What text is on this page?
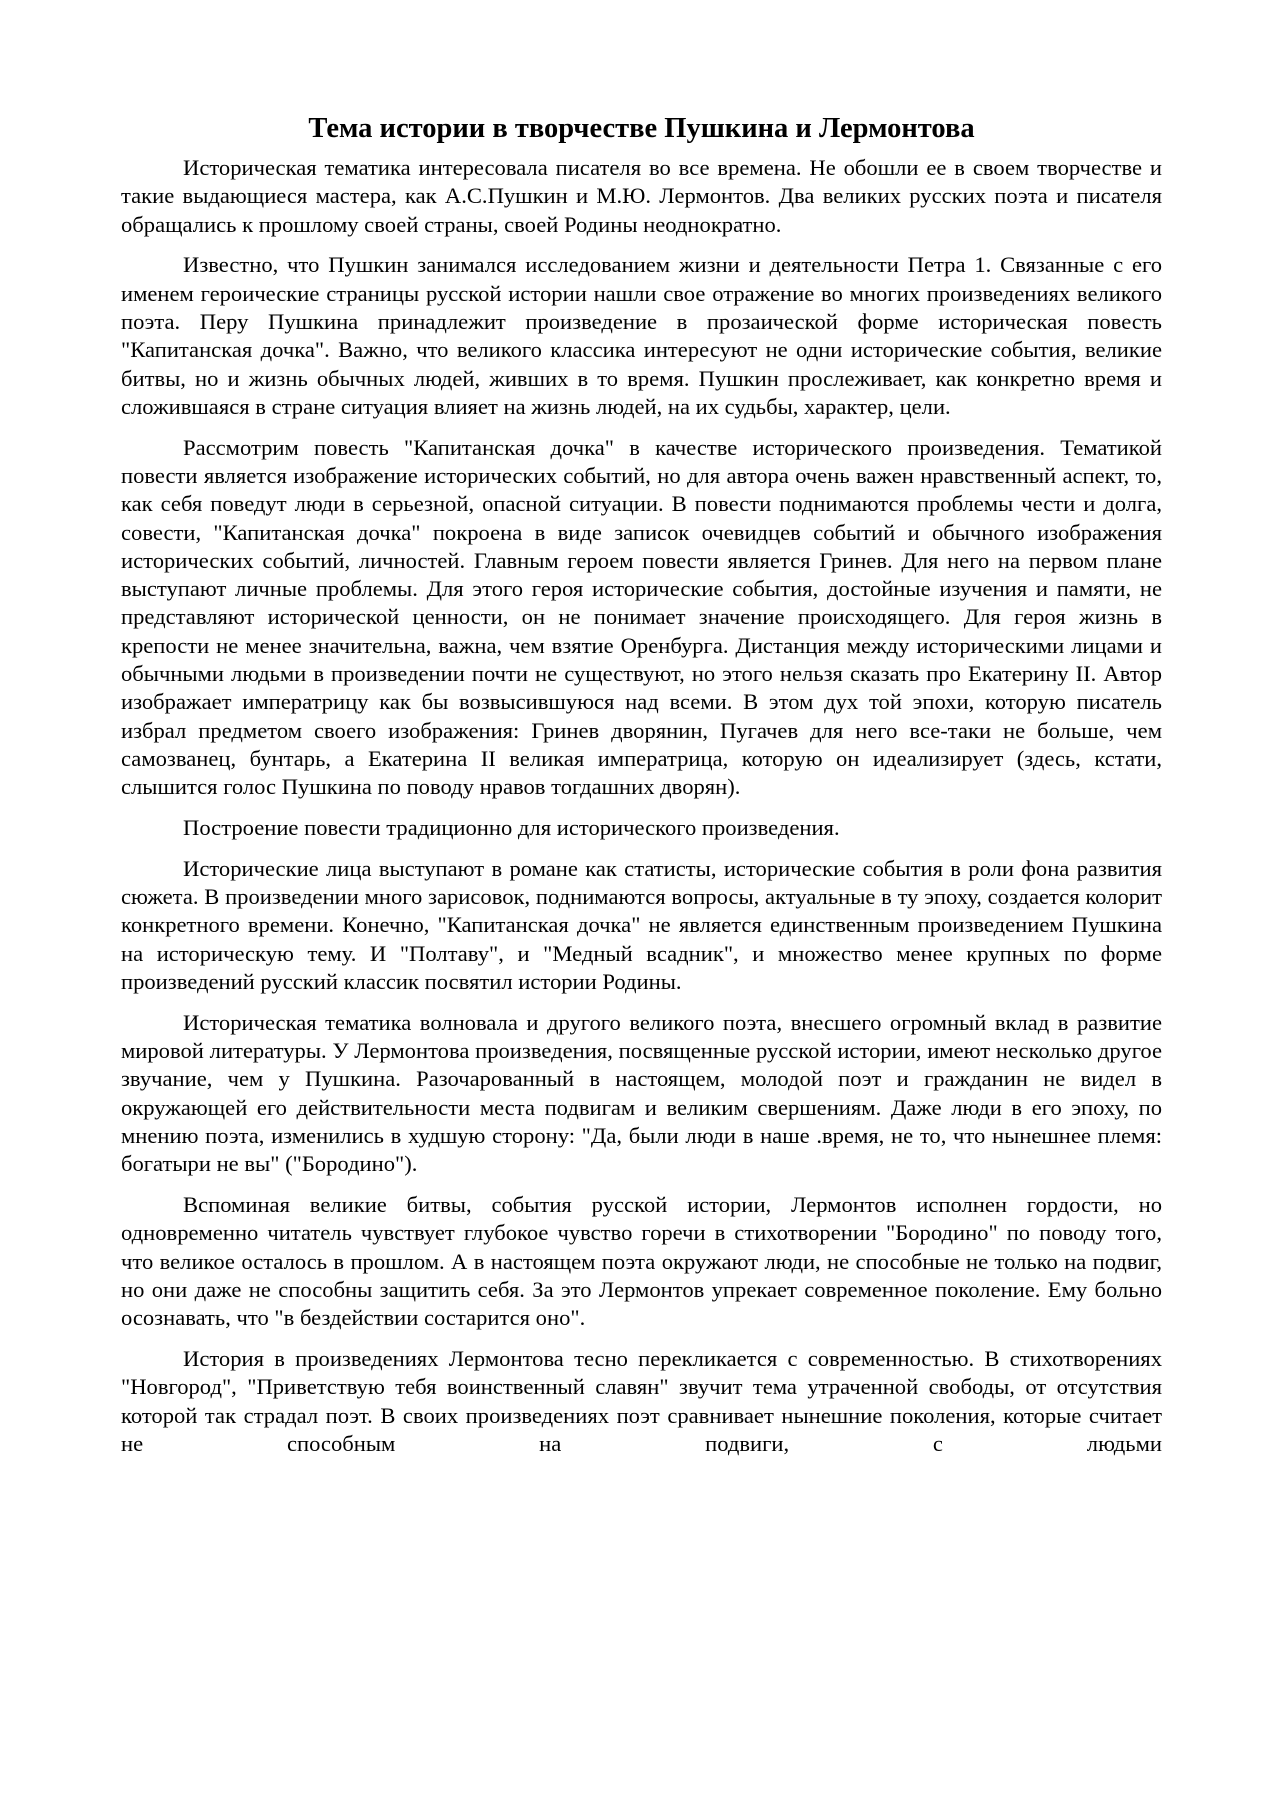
Тема истории в творчестве Пушкина и Лермонтова

Историческая тематика интересовала писателя во все времена. Не обошли ее в своем творчестве и такие выдающиеся мастера, как А.С.Пушкин и М.Ю. Лермонтов. Два великих русских поэта и писателя обращались к прошлому своей страны, своей Родины неоднократно.

Известно, что Пушкин занимался исследованием жизни и деятельности Петра 1. Связанные с его именем героические страницы русской истории нашли свое отражение во многих произведениях великого поэта. Перу Пушкина принадлежит произведение в прозаической форме историческая повесть "Капитанская дочка". Важно, что великого классика интересуют не одни исторические события, великие битвы, но и жизнь обычных людей, живших в то время. Пушкин прослеживает, как конкретно время и сложившаяся в стране ситуация влияет на жизнь людей, на их судьбы, характер, цели.

Рассмотрим повесть "Капитанская дочка" в качестве исторического произведения. Тематикой повести является изображение исторических событий, но для автора очень важен нравственный аспект, то, как себя поведут люди в серьезной, опасной ситуации. В повести поднимаются проблемы чести и долга, совести, "Капитанская дочка" покроена в виде записок очевидцев событий и обычного изображения исторических событий, личностей. Главным героем повести является Гринев. Для него на первом плане выступают личные проблемы. Для этого героя исторические события, достойные изучения и памяти, не представляют исторической ценности, он не понимает значение происходящего. Для героя жизнь в крепости не менее значительна, важна, чем взятие Оренбурга. Дистанция между историческими лицами и обычными людьми в произведении почти не существуют, но этого нельзя сказать про Екатерину II. Автор изображает императрицу как бы возвысившуюся над всеми. В этом дух той эпохи, которую писатель избрал предметом своего изображения: Гринев дворянин, Пугачев для него все-таки не больше, чем самозванец, бунтарь, а Екатерина II великая императрица, которую он идеализирует (здесь, кстати, слышится голос Пушкина по поводу нравов тогдашних дворян).

Построение повести традиционно для исторического произведения.

Исторические лица выступают в романе как статисты, исторические события в роли фона развития сюжета. В произведении много зарисовок, поднимаются вопросы, актуальные в ту эпоху, создается колорит конкретного времени. Конечно, "Капитанская дочка" не является единственным произведением Пушкина на историческую тему. И "Полтаву", и "Медный всадник", и множество менее крупных по форме произведений русский классик посвятил истории Родины.

Историческая тематика волновала и другого великого поэта, внесшего огромный вклад в развитие мировой литературы. У Лермонтова произведения, посвященные русской истории, имеют несколько другое звучание, чем у Пушкина. Разочарованный в настоящем, молодой поэт и гражданин не видел в окружающей его действительности места подвигам и великим свершениям. Даже люди в его эпоху, по мнению поэта, изменились в худшую сторону: "Да, были люди в наше .время, не то, что нынешнее племя: богатыри не вы" ("Бородино").

Вспоминая великие битвы, события русской истории, Лермонтов исполнен гордости, но одновременно читатель чувствует глубокое чувство горечи в стихотворении "Бородино" по поводу того, что великое осталось в прошлом. А в настоящем поэта окружают люди, не способные не только на подвиг, но они даже не способны защитить себя. За это Лермонтов упрекает современное поколение. Ему больно осознавать, что "в бездействии состарится оно".

История в произведениях Лермонтова тесно перекликается с современностью. В стихотворениях "Новгород", "Приветствую тебя воинственный славян" звучит тема утраченной свободы, от отсутствия которой так страдал поэт. В своих произведениях поэт сравнивает нынешние поколения, которые считает не способным на подвиги, с людьми
